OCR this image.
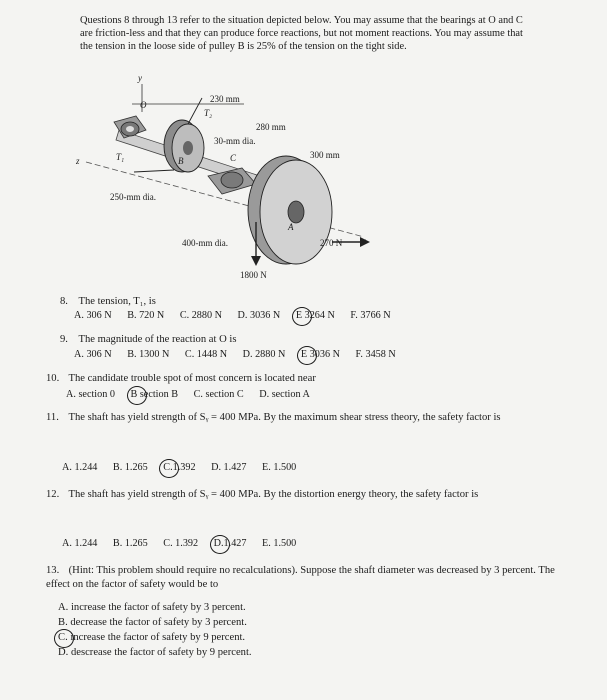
Questions 8 through 13 refer to the situation depicted below. You may assume that the bearings at O and C are friction-less and that they can produce force reactions, but not moment reactions. You may assume that the tension in the loose side of pulley B is 25% of the tension on the tight side.
y
z
O
B
T₂
T₁	C
A
230 mm
280 mm
30-mm dia.
300 mm
250-mm dia.
400-mm dia.
1800 N
270 N
8. The tension, T₁, is
A. 306 N B. 720 N C. 2880 N D. 3036 N E 3264 N F. 3766 N
9. The magnitude of the reaction at O is
A. 306 N B. 1300 N C. 1448 N D. 2880 N E 3036 N F. 3458 N
10. The candidate trouble spot of most concern is located near
A. section 0 B section B C. section C D. section A
11. The shaft has yield strength of Sᵧ = 400 MPa. By the maximum shear stress theory, the safety factor is
A. 1.244 B. 1.265 C.1.392 D. 1.427 E. 1.500
12. The shaft has yield strength of Sᵧ = 400 MPa. By the distortion energy theory, the safety factor is
A. 1.244 B. 1.265 C. 1.392 D.1.427 E. 1.500
13. (Hint: This problem should require no recalculations). Suppose the shaft diameter was decreased by 3 percent. The effect on the factor of safety would be to
A. increase the factor of safety by 3 percent.
B. decrease the factor of safety by 3 percent.
C. increase the factor of safety by 9 percent.
D. descrease the factor of safety by 9 percent.
